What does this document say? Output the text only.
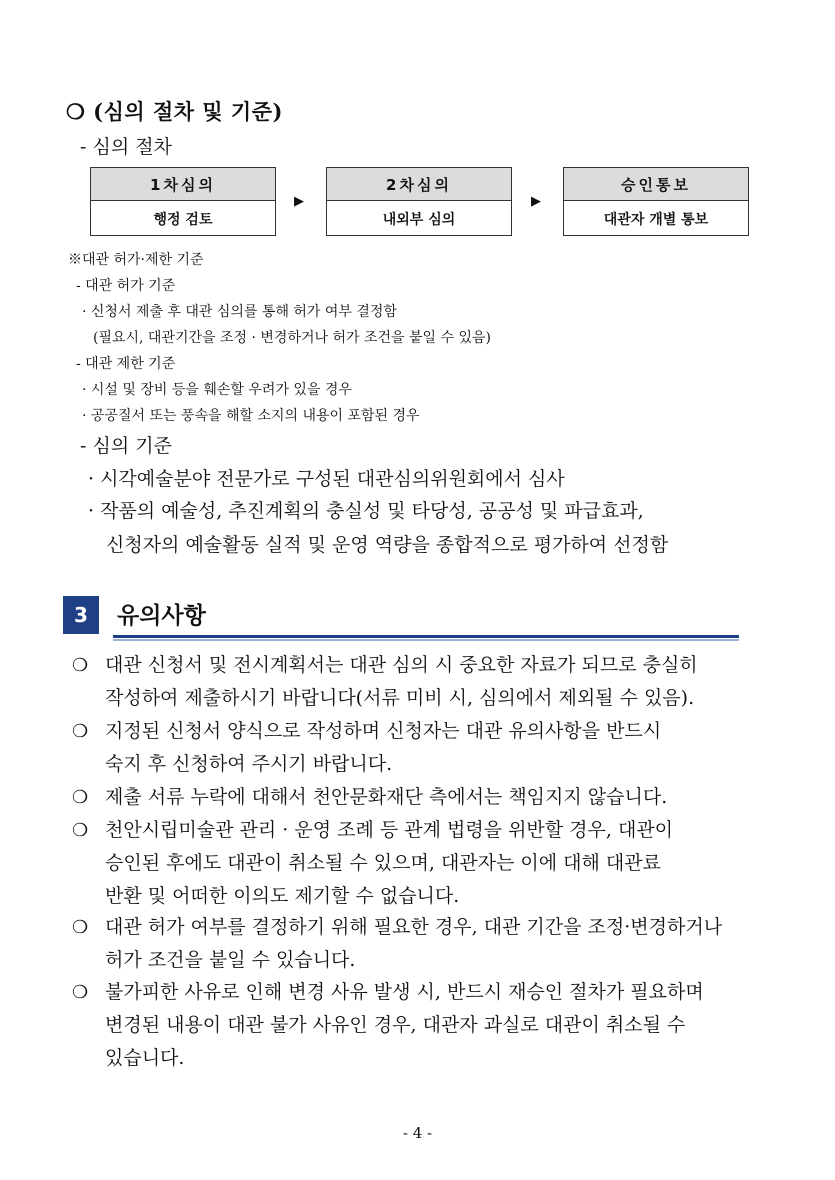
❍ (심의 절차 및 기준)
- 심의 절차
1차심의
행정 검토
▶
2차심의
내외부 심의
▶
승인통보
대관자 개별 통보
※대관 허가·제한 기준
- 대관 허가 기준
· 신청서 제출 후 대관 심의를 통해 허가 여부 결정함
(필요시, 대관기간을 조정 · 변경하거나 허가 조건을 붙일 수 있음)
- 대관 제한 기준
· 시설 및 장비 등을 훼손할 우려가 있을 경우
· 공공질서 또는 풍속을 해할 소지의 내용이 포함된 경우
- 심의 기준
· 시각예술분야 전문가로 구성된 대관심의위원회에서 심사
· 작품의 예술성, 추진계획의 충실성 및 타당성, 공공성 및 파급효과,
신청자의 예술활동 실적 및 운영 역량을 종합적으로 평가하여 선정함
3	유의사항
❍ 대관 신청서 및 전시계획서는 대관 심의 시 중요한 자료가 되므로 충실히
작성하여 제출하시기 바랍니다(서류 미비 시, 심의에서 제외될 수 있음).
❍ 지정된 신청서 양식으로 작성하며 신청자는 대관 유의사항을 반드시
숙지 후 신청하여 주시기 바랍니다.
❍ 제출 서류 누락에 대해서 천안문화재단 측에서는 책임지지 않습니다.
❍ 천안시립미술관 관리 · 운영 조례 등 관계 법령을 위반할 경우, 대관이
승인된 후에도 대관이 취소될 수 있으며, 대관자는 이에 대해 대관료
반환 및 어떠한 이의도 제기할 수 없습니다.
❍ 대관 허가 여부를 결정하기 위해 필요한 경우, 대관 기간을 조정·변경하거나
허가 조건을 붙일 수 있습니다.
❍ 불가피한 사유로 인해 변경 사유 발생 시, 반드시 재승인 절차가 필요하며
변경된 내용이 대관 불가 사유인 경우, 대관자 과실로 대관이 취소될 수
있습니다.
- 4 -
